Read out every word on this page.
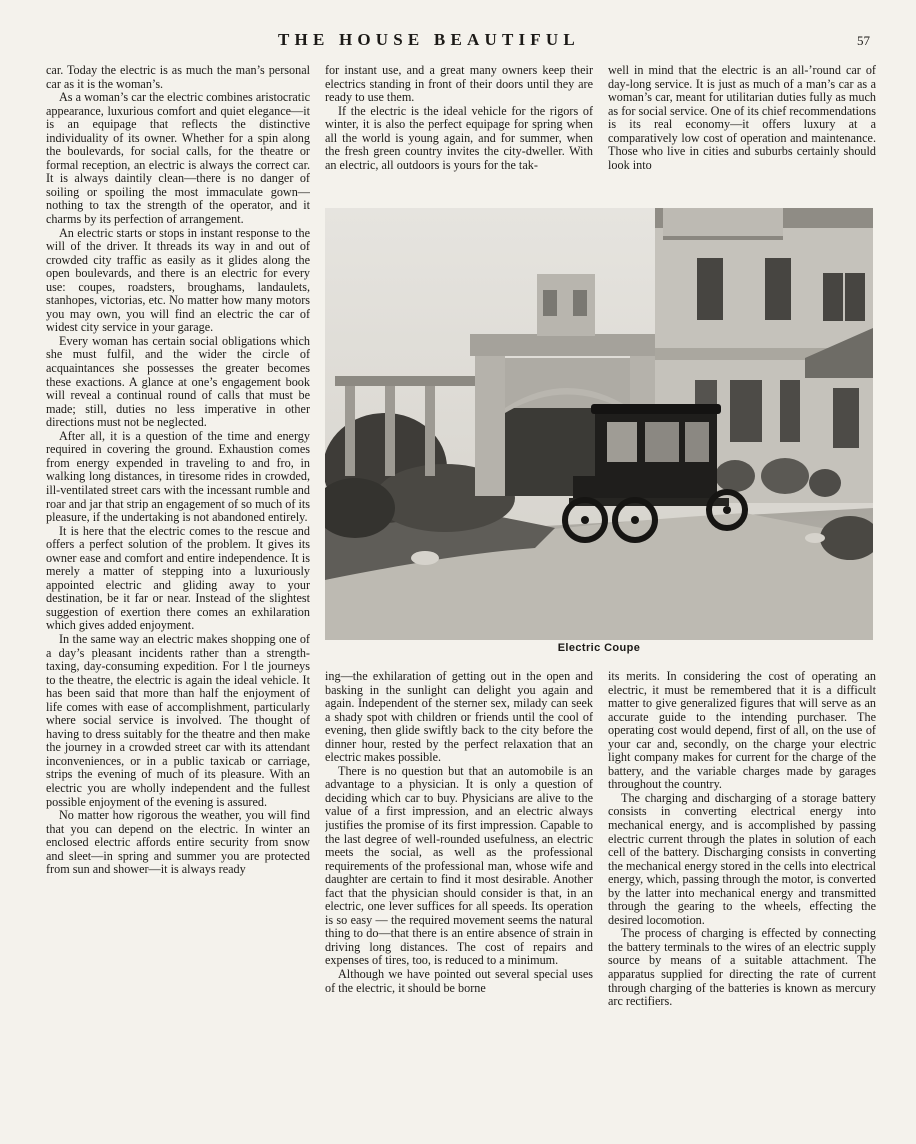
THE HOUSE BEAUTIFUL	57

car. Today the electric is as much the man’s personal car as it is the woman’s.

As a woman’s car the electric combines aristocratic appearance, luxurious comfort and quiet elegance—it is an equipage that reflects the distinctive individuality of its owner. Whether for a spin along the boulevards, for social calls, for the theatre or formal reception, an electric is always the correct car. It is always daintily clean—there is no danger of soiling or spoiling the most immaculate gown—nothing to tax the strength of the operator, and it charms by its perfection of arrangement.

An electric starts or stops in instant response to the will of the driver. It threads its way in and out of crowded city traffic as easily as it glides along the open boulevards, and there is an electric for every use: coupes, roadsters, broughams, landaulets, stanhopes, victorias, etc. No matter how many motors you may own, you will find an electric the car of widest city service in your garage.

Every woman has certain social obligations which she must fulfil, and the wider the circle of acquaintances she possesses the greater becomes these exactions. A glance at one’s engagement book will reveal a continual round of calls that must be made; still, duties no less imperative in other directions must not be neglected.

After all, it is a question of the time and energy required in covering the ground. Exhaustion comes from energy expended in traveling to and fro, in walking long distances, in tiresome rides in crowded, ill-ventilated street cars with the incessant rumble and roar and jar that strip an engagement of so much of its pleasure, if the undertaking is not abandoned entirely.

It is here that the electric comes to the rescue and offers a perfect solution of the problem. It gives its owner ease and comfort and entire independence. It is merely a matter of stepping into a luxuriously appointed electric and gliding away to your destination, be it far or near. Instead of the slightest suggestion of exertion there comes an exhilaration which gives added enjoyment.

In the same way an electric makes shopping one of a day’s pleasant incidents rather than a strength-taxing, day-consuming expedition. For l tle journeys to the theatre, the electric is again the ideal vehicle. It has been said that more than half the enjoyment of life comes with ease of accomplishment, particularly where social service is involved. The thought of having to dress suitably for the theatre and then make the journey in a crowded street car with its attendant inconveniences, or in a public taxicab or carriage, strips the evening of much of its pleasure. With an electric you are wholly independent and the fullest possible enjoyment of the evening is assured.

No matter how rigorous the weather, you will find that you can depend on the electric. In winter an enclosed electric affords entire security from snow and sleet—in spring and summer you are protected from sun and shower—it is always ready

for instant use, and a great many owners keep their electrics standing in front of their doors until they are ready to use them.

If the electric is the ideal vehicle for the rigors of winter, it is also the perfect equipage for spring when all the world is young again, and for summer, when the fresh green country invites the city-dweller. With an electric, all outdoors is yours for the tak-

well in mind that the electric is an all-’round car of day-long service. It is just as much of a man’s car as a woman’s car, meant for utilitarian duties fully as much as for social service. One of its chief recommendations is its real economy—it offers luxury at a comparatively low cost of operation and maintenance. Those who live in cities and suburbs certainly should look into

Electric Coupe

ing—the exhilaration of getting out in the open and basking in the sunlight can delight you again and again. Independent of the sterner sex, milady can seek a shady spot with children or friends until the cool of evening, then glide swiftly back to the city before the dinner hour, rested by the perfect relaxation that an electric makes possible.

There is no question but that an automobile is an advantage to a physician. It is only a question of deciding which car to buy. Physicians are alive to the value of a first impression, and an electric always justifies the promise of its first impression. Capable to the last degree of well-rounded usefulness, an electric meets the social, as well as the professional requirements of the professional man, whose wife and daughter are certain to find it most desirable. Another fact that the physician should consider is that, in an electric, one lever suffices for all speeds. Its operation is so easy — the required movement seems the natural thing to do—that there is an entire absence of strain in driving long distances. The cost of repairs and expenses of tires, too, is reduced to a minimum.

Although we have pointed out several special uses of the electric, it should be borne

its merits. In considering the cost of operating an electric, it must be remembered that it is a difficult matter to give generalized figures that will serve as an accurate guide to the intending purchaser. The operating cost would depend, first of all, on the use of your car and, secondly, on the charge your electric light company makes for current for the charge of the battery, and the variable charges made by garages throughout the country.

The charging and discharging of a storage battery consists in converting electrical energy into mechanical energy, and is accomplished by passing electric current through the plates in solution of each cell of the battery. Discharging consists in converting the mechanical energy stored in the cells into electrical energy, which, passing through the motor, is converted by the latter into mechanical energy and transmitted through the gearing to the wheels, effecting the desired locomotion.

The process of charging is effected by connecting the battery terminals to the wires of an electric supply source by means of a suitable attachment. The apparatus supplied for directing the rate of current through charging of the batteries is known as mercury arc rectifiers.
